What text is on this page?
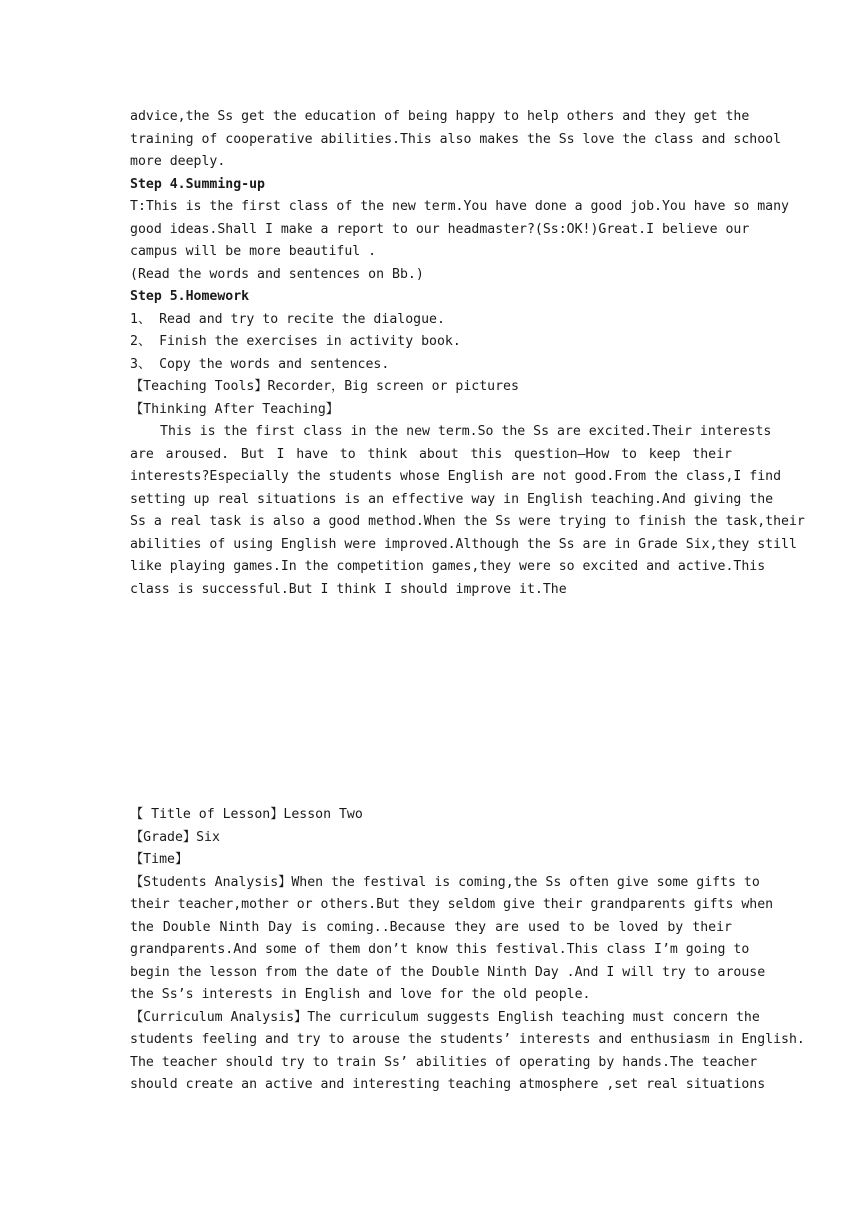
advice,the Ss get the education of being happy to help others and they get the
training of cooperative abilities.This also makes the Ss love the class and school
more deeply.
Step 4.Summing-up
T:This is the first class of the new term.You have done a good job.You have so many
good ideas.Shall I make a report to our headmaster?(Ss:OK!)Great.I believe our
campus will be more beautiful .
(Read the words and sentences on Bb.)
Step 5.Homework
1、 Read and try to recite the dialogue.
2、 Finish the exercises in activity book.
3、 Copy the words and sentences.
【Teaching Tools】Recorder，Big screen or pictures
【Thinking After Teaching】
This is the first class in the new term.So the Ss are excited.Their interests
are aroused. But I have to think about this question—How to keep their
interests?Especially the students whose English are not good.From the class,I find
setting up real situations is an effective way in English teaching.And giving the
Ss a real task is also a good method.When the Ss were trying to finish the task,their
abilities of using English were improved.Although the Ss are in Grade Six,they still
like playing games.In the competition games,they were so excited and active.This
class is successful.But I think I should improve it.The
【 Title of Lesson】Lesson Two
【Grade】Six
【Time】
【Students Analysis】When the festival is coming,the Ss often give some gifts to
their teacher,mother or others.But they seldom give their grandparents gifts when
the Double Ninth Day is coming..Because they are used to be loved by their
grandparents.And some of them don’t know this festival.This class I’m going to
begin the lesson from the date of the Double Ninth Day .And I will try to arouse
the Ss’s interests in English and love for the old people.
【Curriculum Analysis】The curriculum suggests English teaching must concern the
students feeling and try to arouse the students’ interests and enthusiasm in English.
The teacher should try to train Ss’ abilities of operating by hands.The teacher
should create an active and interesting teaching atmosphere ,set real situations
